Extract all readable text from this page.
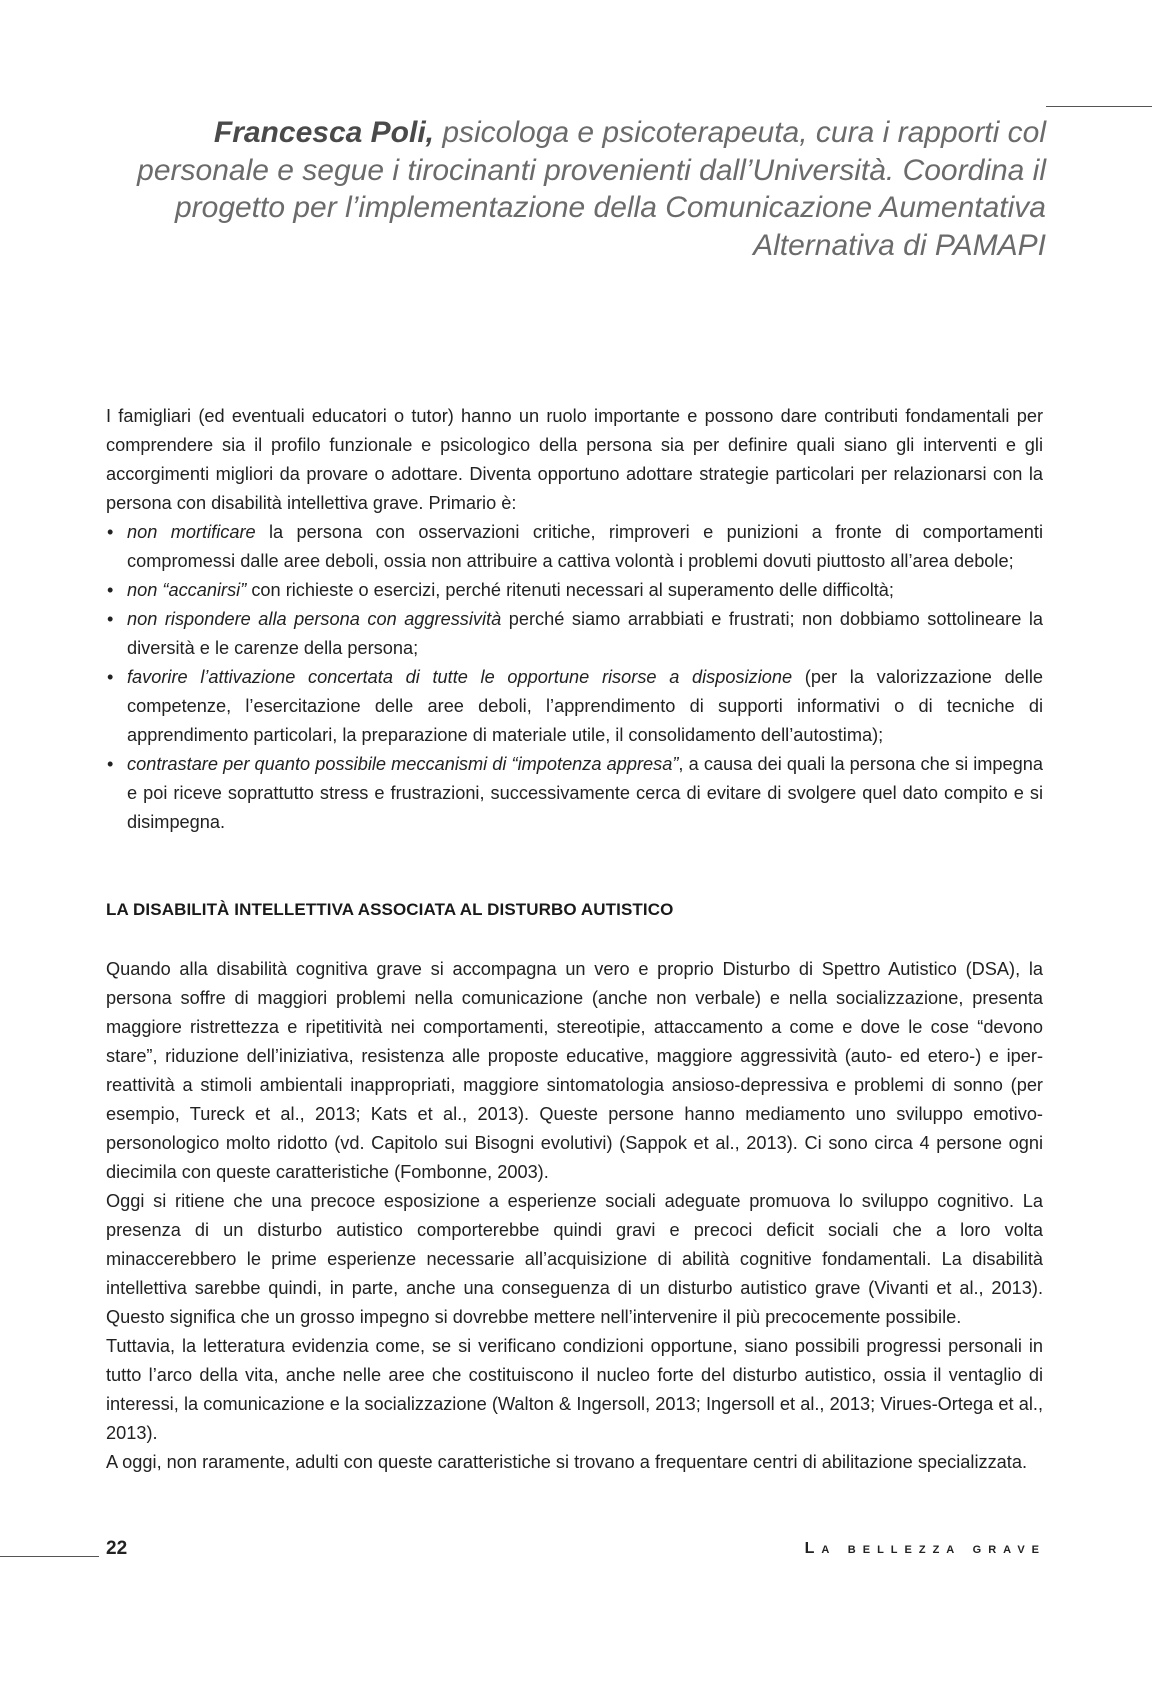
Francesca Poli, psicologa e psicoterapeuta, cura i rapporti col personale e segue i tirocinanti provenienti dall’Università. Coordina il progetto per l’implementazione della Comunicazione Aumentativa Alternativa di PAMAPI

I famigliari (ed eventuali educatori o tutor) hanno un ruolo importante e possono dare contributi fondamentali per comprendere sia il profilo funzionale e psicologico della persona sia per definire quali siano gli interventi e gli accorgimenti migliori da provare o adottare. Diventa opportuno adottare strategie particolari per relazionarsi con la persona con disabilità intellettiva grave. Primario è:

• non mortificare la persona con osservazioni critiche, rimproveri e punizioni a fronte di comportamenti compromessi dalle aree deboli, ossia non attribuire a cattiva volontà i problemi dovuti piuttosto all’area debole;
• non “accanirsi” con richieste o esercizi, perché ritenuti necessari al superamento delle difficoltà;
• non rispondere alla persona con aggressività perché siamo arrabbiati e frustrati; non dobbiamo sottolineare la diversità e le carenze della persona;
• favorire l’attivazione concertata di tutte le opportune risorse a disposizione (per la valorizzazione delle competenze, l’esercitazione delle aree deboli, l’apprendimento di supporti informativi o di tecniche di apprendimento particolari, la preparazione di materiale utile, il consolidamento dell’autostima);
• contrastare per quanto possibile meccanismi di “impotenza appresa”, a causa dei quali la persona che si impegna e poi riceve soprattutto stress e frustrazioni, successivamente cerca di evitare di svolgere quel dato compito e si disimpegna.
LA DISABILITÀ INTELLETTIVA ASSOCIATA AL DISTURBO AUTISTICO

Quando alla disabilità cognitiva grave si accompagna un vero e proprio Disturbo di Spettro Autistico (DSA), la persona soffre di maggiori problemi nella comunicazione (anche non verbale) e nella socializzazione, presenta maggiore ristrettezza e ripetitività nei comportamenti, stereotipie, attaccamento a come e dove le cose “devono stare”, riduzione dell’iniziativa, resistenza alle proposte educative, maggiore aggressività (auto- ed etero-) e iper-reattività a stimoli ambientali inappropriati, maggiore sintomatologia ansioso-depressiva e problemi di sonno (per esempio, Tureck et al., 2013; Kats et al., 2013). Queste persone hanno mediamento uno sviluppo emotivo-personologico molto ridotto (vd. Capitolo sui Bisogni evolutivi) (Sappok et al., 2013). Ci sono circa 4 persone ogni diecimila con queste caratteristiche (Fombonne, 2003).

Oggi si ritiene che una precoce esposizione a esperienze sociali adeguate promuova lo sviluppo cognitivo. La presenza di un disturbo autistico comporterebbe quindi gravi e precoci deficit sociali che a loro volta minaccerebbero le prime esperienze necessarie all’acquisizione di abilità cognitive fondamentali. La disabilità intellettiva sarebbe quindi, in parte, anche una conseguenza di un disturbo autistico grave (Vivanti et al., 2013). Questo significa che un grosso impegno si dovrebbe mettere nell’intervenire il più precocemente possibile.

Tuttavia, la letteratura evidenzia come, se si verificano condizioni opportune, siano possibili progressi personali in tutto l’arco della vita, anche nelle aree che costituiscono il nucleo forte del disturbo autistico, ossia il ventaglio di interessi, la comunicazione e la socializzazione (Walton & Ingersoll, 2013; Ingersoll et al., 2013; Virues-Ortega et al., 2013).

A oggi, non raramente, adulti con queste caratteristiche si trovano a frequentare centri di abilitazione specializzata.

22	La bellezza grave
